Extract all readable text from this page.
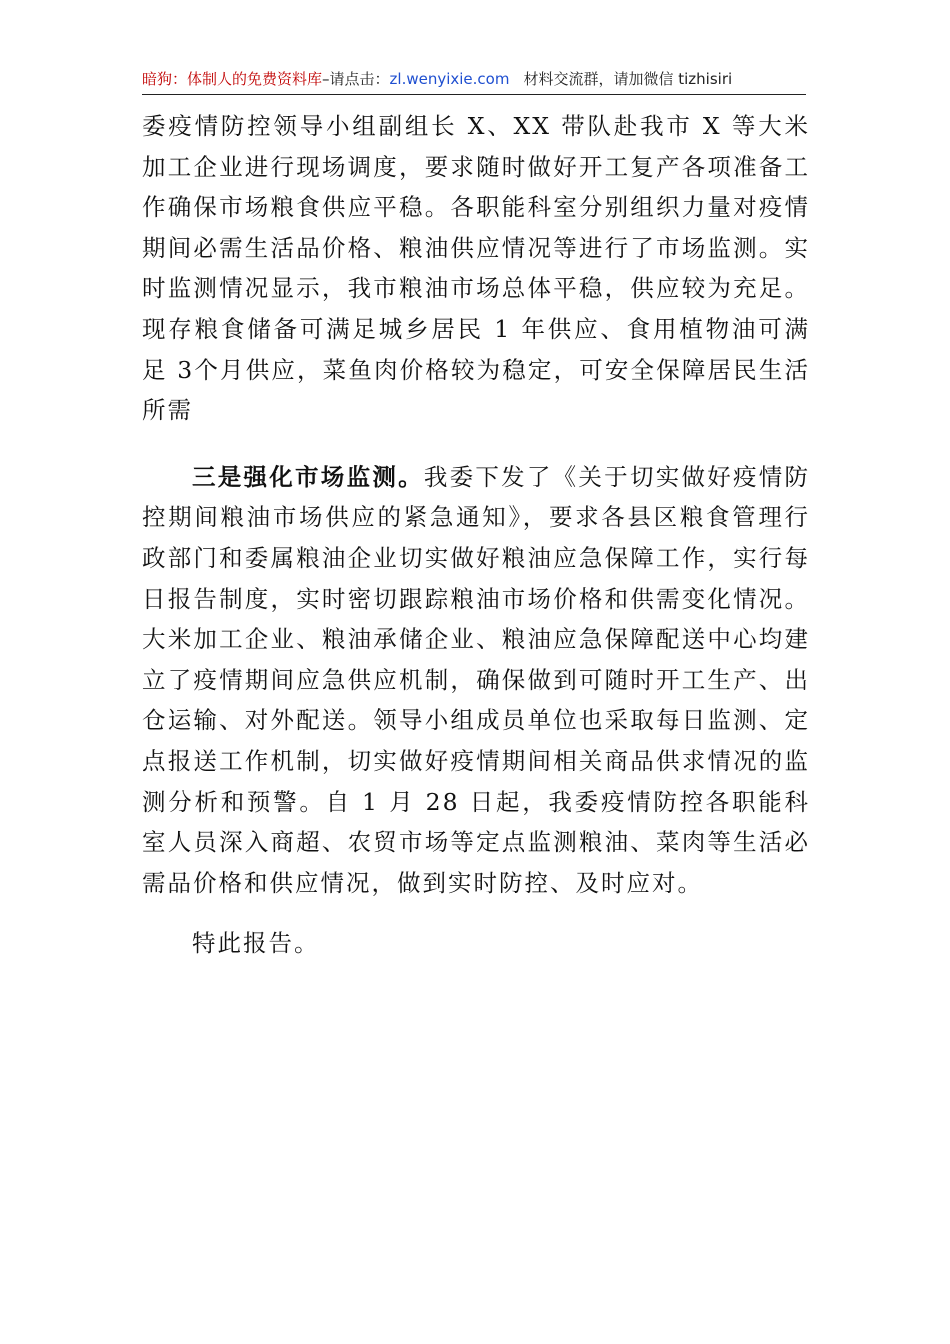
暗狗：体制人的免费资料库–请点击：zl.wenyixie.com 材料交流群，请加微信 tizhisiri

委疫情防控领导小组副组长 X、XX 带队赴我市 X 等大米加工企业进行现场调度，要求随时做好开工复产各项准备工作确保市场粮食供应平稳。各职能科室分别组织力量对疫情期间必需生活品价格、粮油供应情况等进行了市场监测。实时监测情况显示，我市粮油市场总体平稳，供应较为充足。现存粮食储备可满足城乡居民 1 年供应、食用植物油可满足 3个月供应，菜鱼肉价格较为稳定，可安全保障居民生活所需

三是强化市场监测。我委下发了《关于切实做好疫情防控期间粮油市场供应的紧急通知》，要求各县区粮食管理行政部门和委属粮油企业切实做好粮油应急保障工作，实行每日报告制度，实时密切跟踪粮油市场价格和供需变化情况。大米加工企业、粮油承储企业、粮油应急保障配送中心均建立了疫情期间应急供应机制，确保做到可随时开工生产、出仓运输、对外配送。领导小组成员单位也采取每日监测、定点报送工作机制，切实做好疫情期间相关商品供求情况的监测分析和预警。自 1 月 28 日起，我委疫情防控各职能科室人员深入商超、农贸市场等定点监测粮油、菜肉等生活必需品价格和供应情况，做到实时防控、及时应对。

特此报告。
